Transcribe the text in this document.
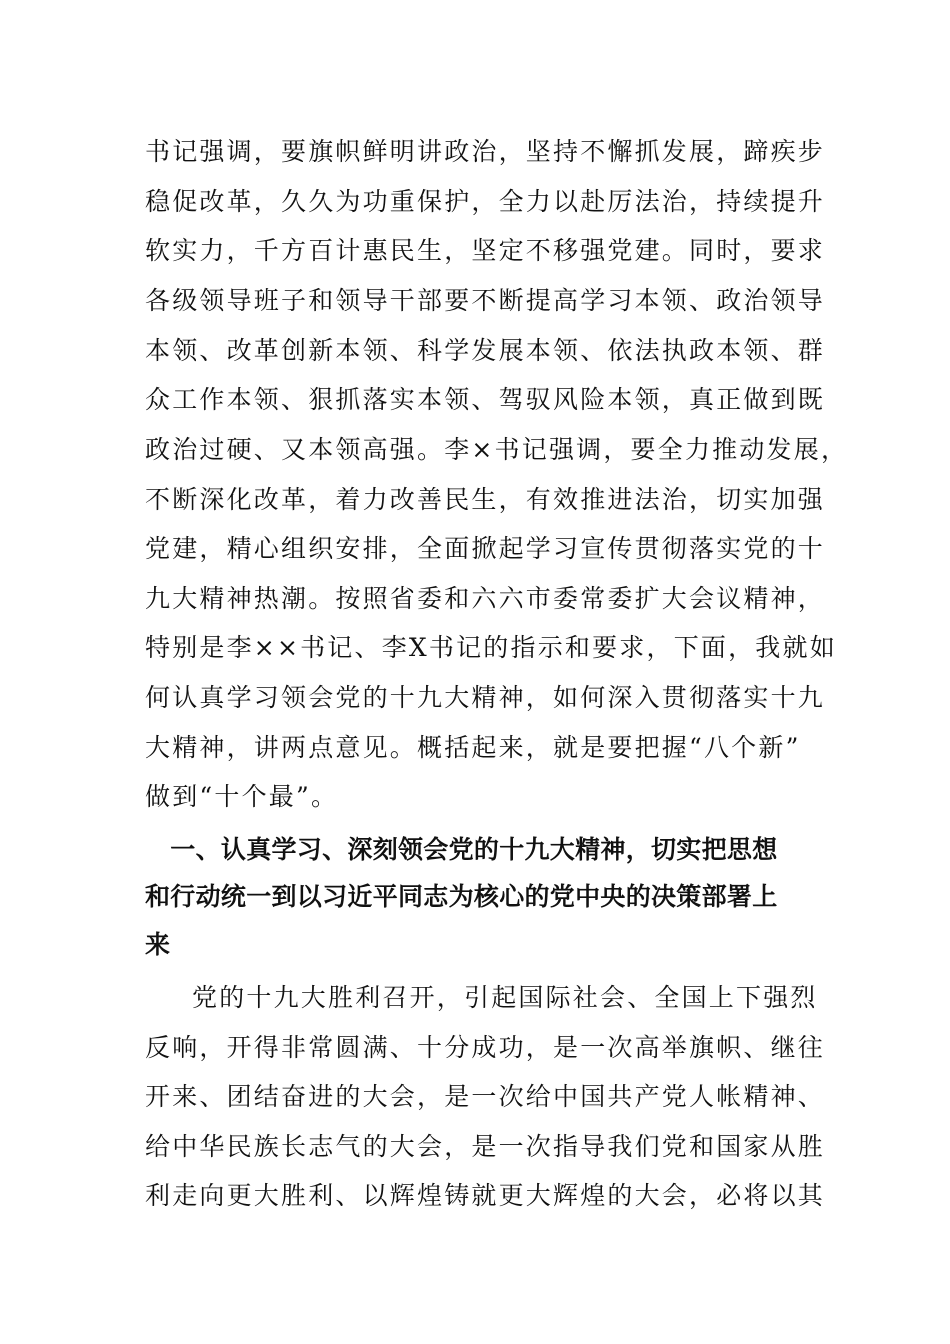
书记强调，要旗帜鲜明讲政治，坚持不懈抓发展，蹄疾步
稳促改革，久久为功重保护，全力以赴厉法治，持续提升
软实力，千方百计惠民生，坚定不移强党建。同时，要求
各级领导班子和领导干部要不断提高学习本领、政治领导
本领、改革创新本领、科学发展本领、依法执政本领、群
众工作本领、狠抓落实本领、驾驭风险本领，真正做到既
政治过硬、又本领高强。李×书记强调，要全力推动发展，
不断深化改革，着力改善民生，有效推进法治，切实加强
党建，精心组织安排，全面掀起学习宣传贯彻落实党的十
九大精神热潮。按照省委和六六市委常委扩大会议精神，
特别是李××书记、李X书记的指示和要求，下面，我就如
何认真学习领会党的十九大精神，如何深入贯彻落实十九
大精神，讲两点意见。概括起来，就是要把握“八个新”
做到“十个最”。
　一、认真学习、深刻领会党的十九大精神，切实把思想
和行动统一到以习近平同志为核心的党中央的决策部署上
来
党的十九大胜利召开，引起国际社会、全国上下强烈
反响，开得非常圆满、十分成功，是一次高举旗帜、继往
开来、团结奋进的大会，是一次给中国共产党人帐精神、
给中华民族长志气的大会，是一次指导我们党和国家从胜
利走向更大胜利、以辉煌铸就更大辉煌的大会，必将以其
